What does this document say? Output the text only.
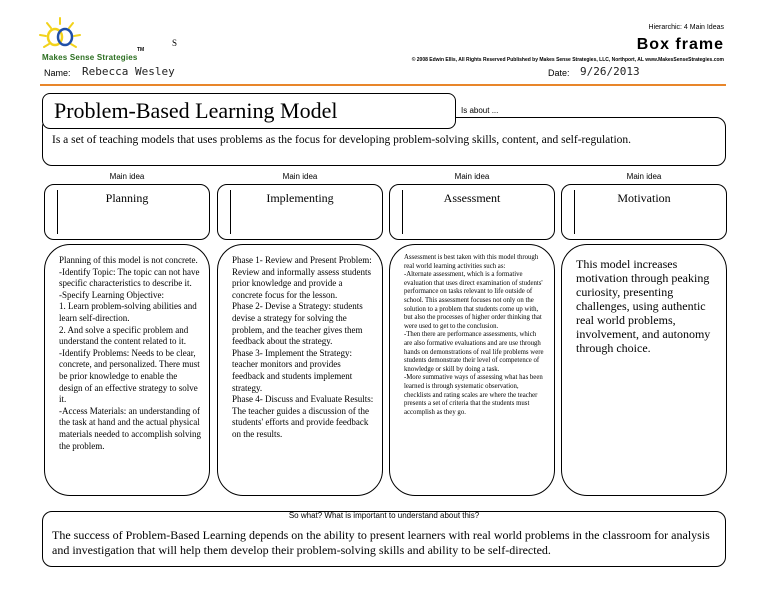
Makes Sense Strategies
TM
S
Hierarchic: 4 Main Ideas
Box frame
© 2008 Edwin Ellis, All Rights Reserved Published by Makes Sense Strategies, LLC, Northport, AL www.MakesSenseStrategies.com
Name: Rebecca Wesley	Date: 9/26/2013
Problem-Based Learning Model	Is about ...
Is a set of teaching models that uses problems as the focus for developing problem-solving skills, content, and self-regulation.
Main idea
Planning
Planning of this model is not concrete.
-Identify Topic: The topic can not have specific characteristics to describe it.
-Specify Learning Objective:
1. Learn problem-solving abilities and learn self-direction.
2. And solve a specific problem and understand the content related to it.
-Identify Problems: Needs to be clear, concrete, and personalized. There must be prior knowledge to enable the design of an effective strategy to solve it.
-Access Materials: an understanding of the task at hand and the actual physical materials needed to accomplish solving the problem.
Main idea
Implementing
Phase 1- Review and Present Problem: Review and informally assess students prior knowledge and provide a concrete focus for the lesson.
Phase 2- Devise a Strategy: students devise a strategy for solving the problem, and the teacher gives them feedback about the strategy.
Phase 3- Implement the Strategy: teacher monitors and provides feedback and students implement strategy.
Phase 4- Discuss and Evaluate Results: The teacher guides a discussion of the students' efforts and provide feedback on the results.
Main idea
Assessment
Assessment is best taken with this model through real world learning activities such as:
-Alternate assessment, which is a formative evaluation that uses direct examination of students' performance on tasks relevant to life outside of school. This assessment focuses not only on the solution to a problem that students come up with, but also the processes of higher order thinking that were used to get to the conclusion.
-Then there are performance assessments, which are also formative evaluations and are use through hands on demonstrations of real life problems were students demonstrate their level of competence of knowledge or skill by doing a task.
-More summative ways of assessing what has been learned is through systematic observation, checklists and rating scales are where the teacher presents a set of criteria that the students must accomplish as they go.
Main idea
Motivation
This model increases motivation through peaking curiosity, presenting challenges, using authentic real world problems, involvement, and autonomy through choice.
So what? What is important to understand about this?
The success of Problem-Based Learning depends on the ability to present learners with real world problems in the classroom for analysis and investigation that will help them develop their problem-solving skills and ability to be self-directed.
